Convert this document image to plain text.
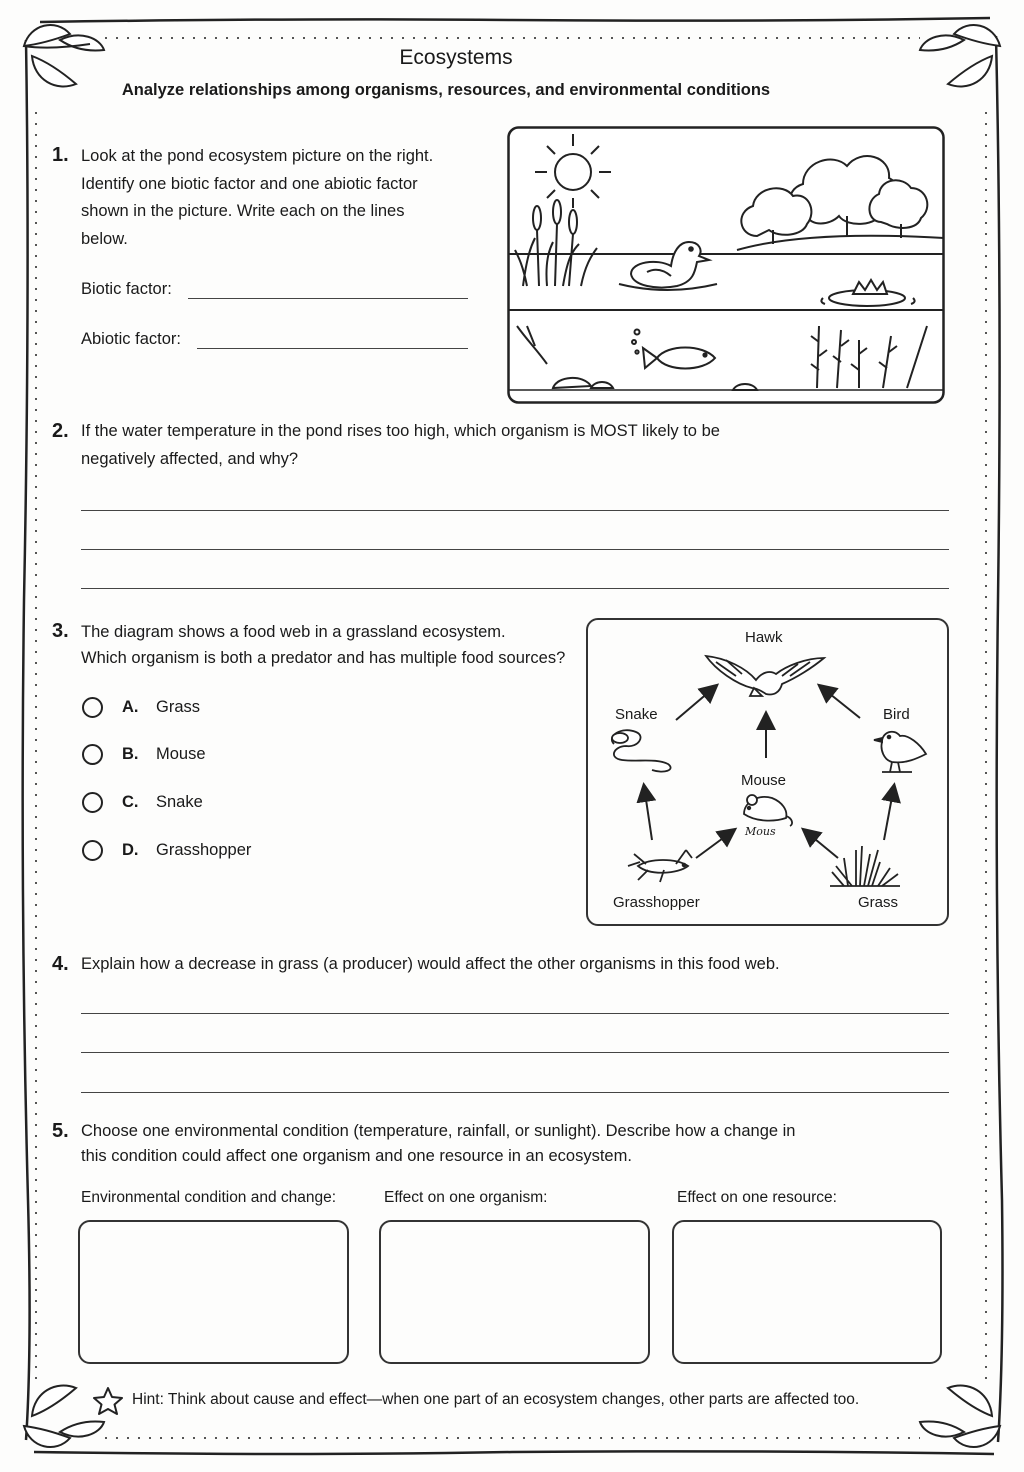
Ecosystems
Analyze relationships among organisms, resources, and environmental conditions
1. Look at the pond ecosystem picture on the right.
Identify one biotic factor and one abiotic factor
shown in the picture. Write each on the lines
below.
Biotic factor:
Abiotic factor:
2. If the water temperature in the pond rises too high, which organism is MOST likely to be
negatively affected, and why?
3. The diagram shows a food web in a grassland ecosystem.
Which organism is both a predator and has multiple food sources?
A. Grass
B. Mouse
C. Snake
D. Grasshopper
Hawk
Snake	Bird
Mouse
Mous
Grasshopper	Grass
4. Explain how a decrease in grass (a producer) would affect the other organisms in this food web.
5. Choose one environmental condition (temperature, rainfall, or sunlight). Describe how a change in
this condition could affect one organism and one resource in an ecosystem.
Environmental condition and change:	Effect on one organism:	Effect on one resource:
Hint: Think about cause and effect—when one part of an ecosystem changes, other parts are affected too.
